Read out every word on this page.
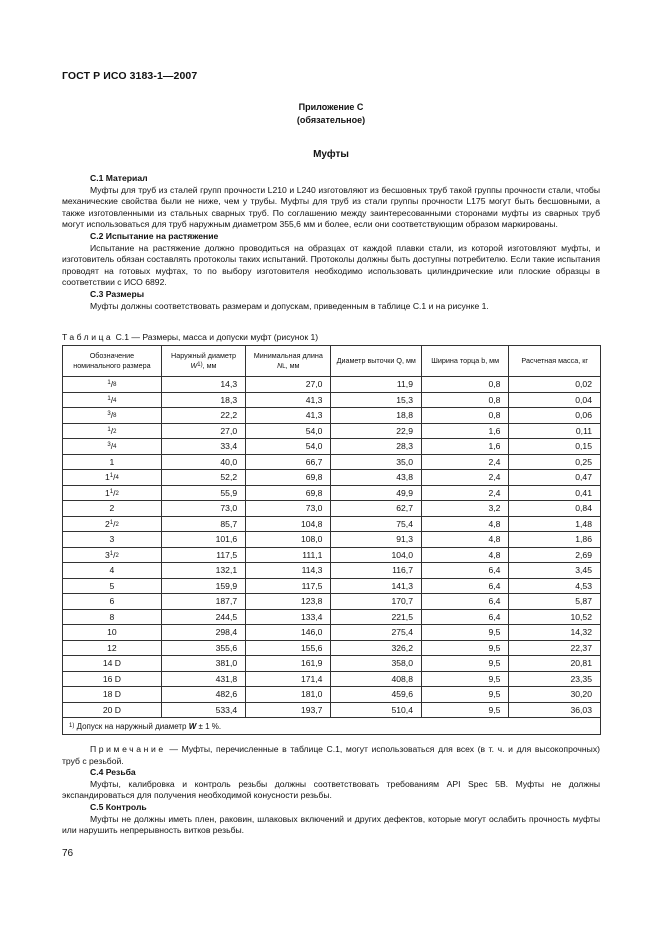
ГОСТ Р ИСО 3183-1—2007
Приложение С
(обязательное)
Муфты
С.1 Материал

Муфты для труб из сталей групп прочности L210 и L240 изготовляют из бесшовных труб такой группы прочности стали, чтобы механические свойства были не ниже, чем у трубы. Муфты для труб из стали группы прочности L175 могут быть бесшовными, а также изготовленными из стальных сварных труб. По соглашению между заинтересованными сторонами муфты из сварных труб могут использоваться для труб наружным диаметром 355,6 мм и более, если они соответствующим образом маркированы.

С.2 Испытание на растяжение

Испытание на растяжение должно проводиться на образцах от каждой плавки стали, из которой изготовляют муфты, и изготовитель обязан составлять протоколы таких испытаний. Протоколы должны быть доступны потребителю. Если такие испытания проводят на готовых муфтах, то по выбору изготовителя необходимо использовать цилиндрические или плоские образцы в соответствии с ИСО 6892.

С.3 Размеры

Муфты должны соответствовать размерам и допускам, приведенным в таблице С.1 и на рисунке 1.

Таблица С.1 — Размеры, масса и допуски муфт (рисунок 1)
Обозначение номинального размера	Наружный диаметр $W^{1)}$, мм	Минимальная длина NL, мм	Диаметр выточки Q, мм	Ширина торца b, мм	Расчетная масса, кг
$^1$/8	14,3	27,0	11,9	0,8	0,02
$^1$/4	18,3	41,3	15,3	0,8	0,04
$^3$/8	22,2	41,3	18,8	0,8	0,06
$^1$/2	27,0	54,0	22,9	1,6	0,11
$^3$/4	33,4	54,0	28,3	1,6	0,15
1	40,0	66,7	35,0	2,4	0,25
$1^1/4$	52,2	69,8	43,8	2,4	0,47
$1^1/2$	55,9	69,8	49,9	2,4	0,41
2	73,0	73,0	62,7	3,2	0,84
$2^1/2$	85,7	104,8	75,4	4,8	1,48
3	101,6	108,0	91,3	4,8	1,86
$3^1/2$	117,5	111,1	104,0	4,8	2,69
4	132,1	114,3	116,7	6,4	3,45
5	159,9	117,5	141,3	6,4	4,53
6	187,7	123,8	170,7	6,4	5,87
8	244,5	133,4	221,5	6,4	10,52
10	298,4	146,0	275,4	9,5	14,32
12	355,6	155,6	326,2	9,5	22,37
14 D	381,0	161,9	358,0	9,5	20,81
16 D	431,8	171,4	408,8	9,5	23,35
18 D	482,6	181,0	459,6	9,5	30,20
20 D	533,4	193,7	510,4	9,5	36,03
$^{1)}$ Допуск на наружный диаметр W ± 1 %.					

Примечание — Муфты, перечисленные в таблице С.1, могут использоваться для всех (в т. ч. и для высокопрочных) труб с резьбой.

С.4 Резьба

Муфты, калибровка и контроль резьбы должны соответствовать требованиям API Spec 5B. Муфты не должны экспандироваться для получения необходимой конусности резьбы.

С.5 Контроль

Муфты не должны иметь плен, раковин, шлаковых включений и других дефектов, которые могут ослабить прочность муфты или нарушить непрерывность витков резьбы.

76
